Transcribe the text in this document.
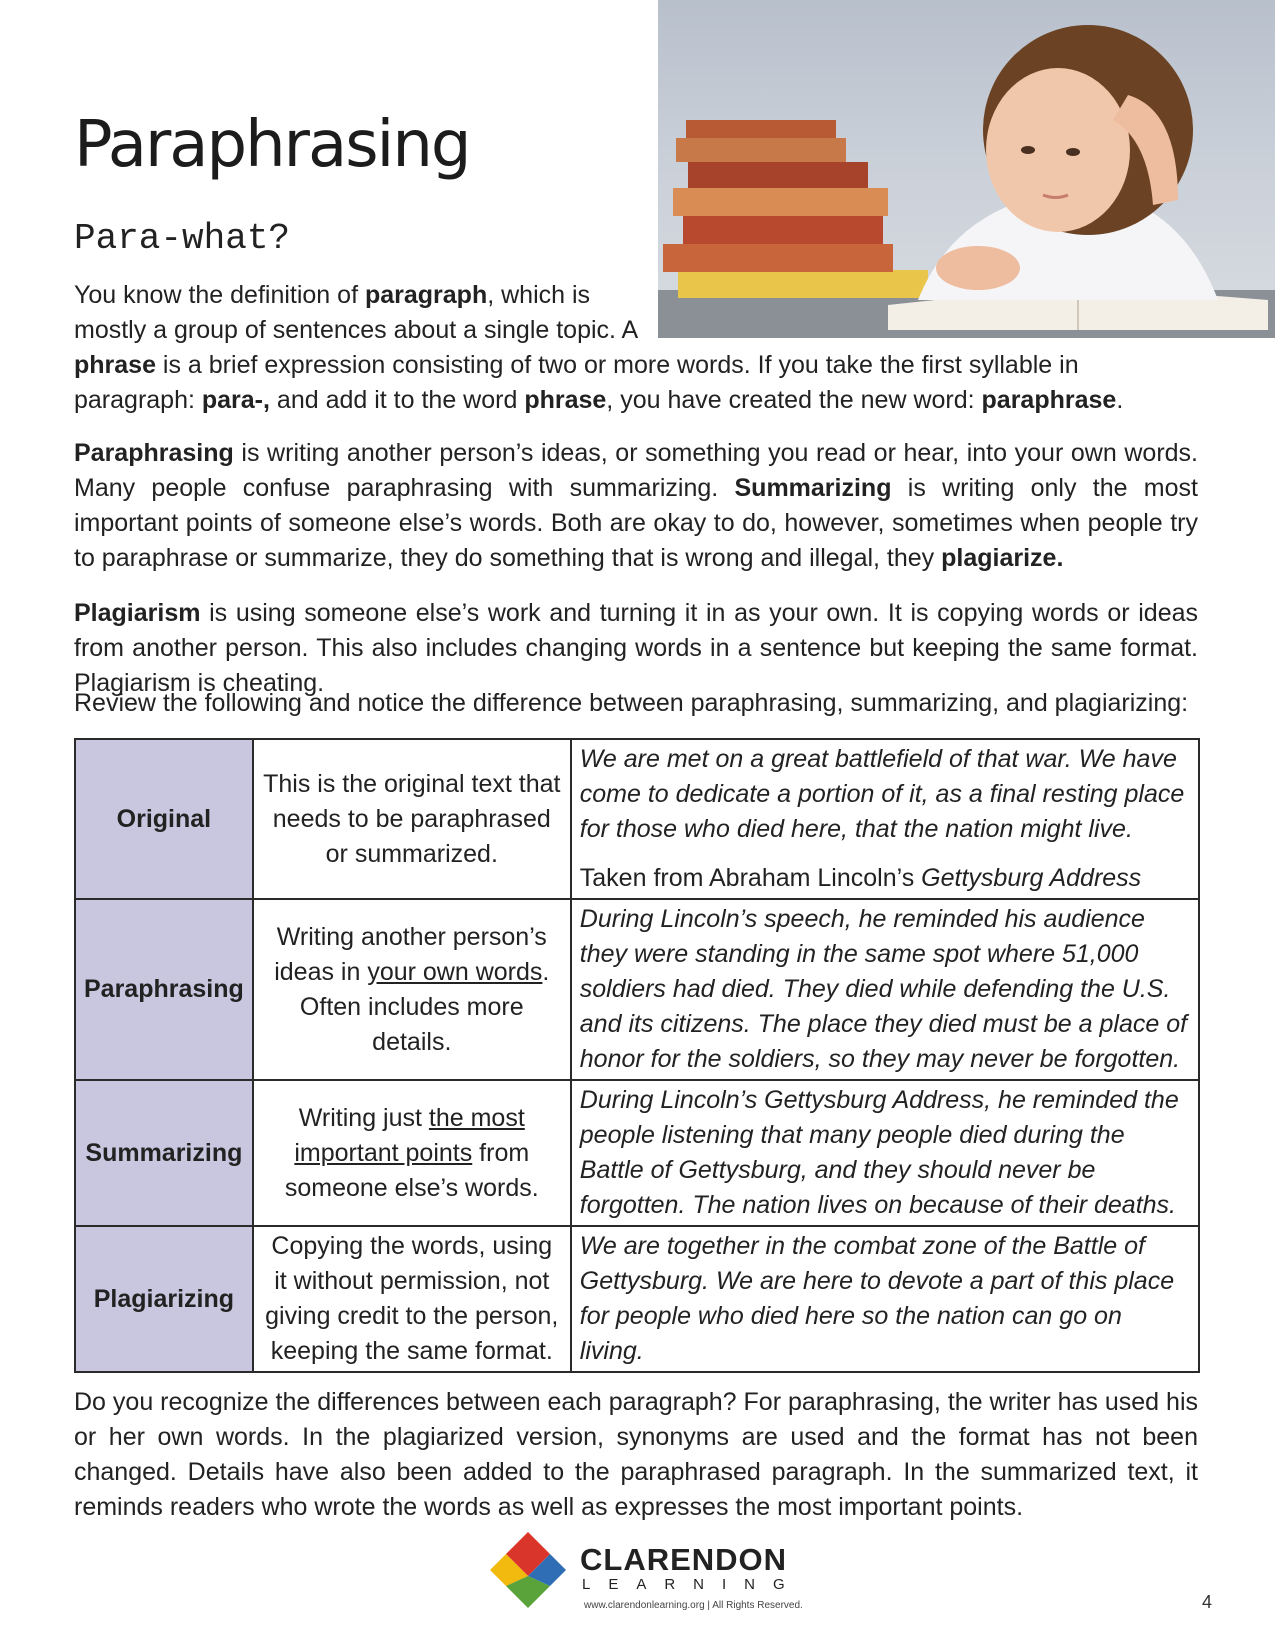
Paraphrasing
Para-what?

You know the definition of paragraph, which is mostly a group of sentences about a single topic. A phrase is a brief expression consisting of two or more words. If you take the first syllable in paragraph: para-, and add it to the word phrase, you have created the new word: paraphrase.

Paraphrasing is writing another person’s ideas, or something you read or hear, into your own words. Many people confuse paraphrasing with summarizing. Summarizing is writing only the most important points of someone else’s words. Both are okay to do, however, sometimes when people try to paraphrase or summarize, they do something that is wrong and illegal, they plagiarize.

Plagiarism is using someone else’s work and turning it in as your own. It is copying words or ideas from another person. This also includes changing words in a sentence but keeping the same format. Plagiarism is cheating.

Review the following and notice the difference between paraphrasing, summarizing, and plagiarizing:

Original	This is the original text that needs to be paraphrased or summarized.	We are met on a great battlefield of that war. We have come to dedicate a portion of it, as a final resting place for those who died here, that the nation might live.
Taken from Abraham Lincoln’s Gettysburg Address

Paraphrasing	Writing another person’s ideas in your own words. Often includes more details.	During Lincoln’s speech, he reminded his audience they were standing in the same spot where 51,000 soldiers had died. They died while defending the U.S. and its citizens. The place they died must be a place of honor for the soldiers, so they may never be forgotten.
Summarizing	Writing just the most important points from someone else’s words.	During Lincoln’s Gettysburg Address, he reminded the people listening that many people died during the Battle of Gettysburg, and they should never be forgotten. The nation lives on because of their deaths.
Plagiarizing	Copying the words, using it without permission, not giving credit to the person, keeping the same format.	We are together in the combat zone of the Battle of Gettysburg. We are here to devote a part of this place for people who died here so the nation can go on living.

Do you recognize the differences between each paragraph? For paraphrasing, the writer has used his or her own words. In the plagiarized version, synonyms are used and the format has not been changed. Details have also been added to the paraphrased paragraph. In the summarized text, it reminds readers who wrote the words as well as expresses the most important points.

CLARENDON
LEARNING
www.clarendonlearning.org | All Rights Reserved.	4
